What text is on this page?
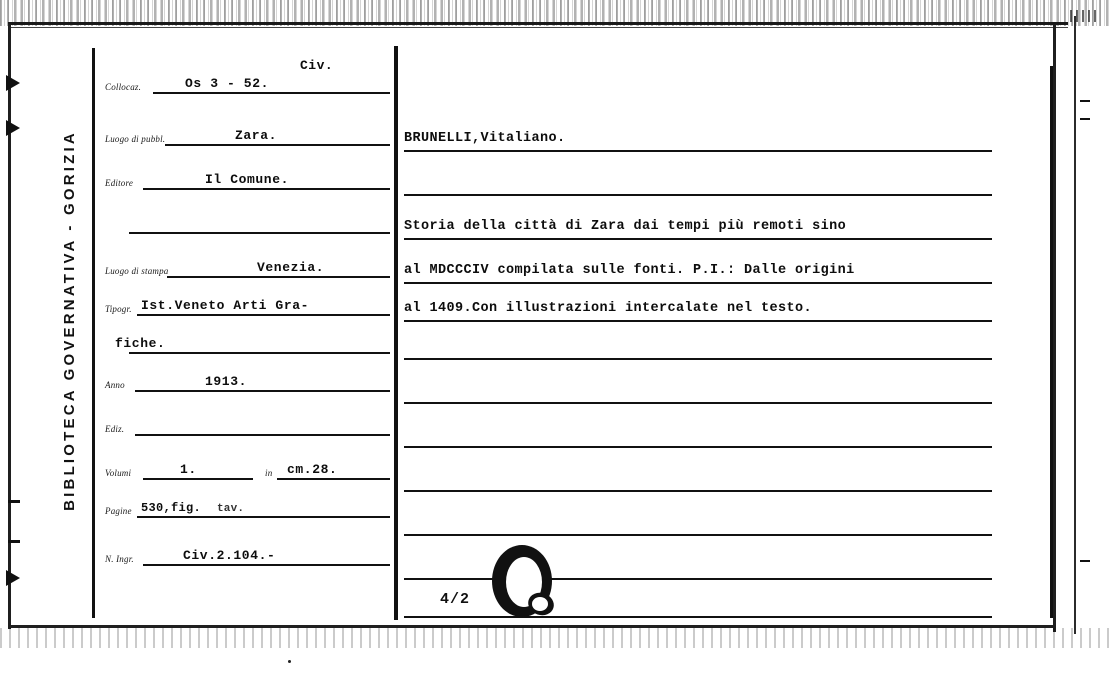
BIBLIOTECA GOVERNATIVA - GORIZIA
Civ.
Collocaz.	Os 3 - 52.
Luogo di pubbl.	Zara.
Editore	Il Comune.
Luogo di stampa	Venezia.
Tipogr. Ist.Veneto Arti Gra-
fiche.
Anno	1913.
Ediz.
Volumi	1.	in cm.28.
Pagine 530,fig. tav.
N. Ingr.	Civ.2.104.-
BRUNELLI,Vitaliano.
Storia della città di Zara dai tempi più remoti sino
al MDCCCIV compilata sulle fonti. P.I.: Dalle origini
al 1409.Con illustrazioni intercalate nel testo.
4/2
